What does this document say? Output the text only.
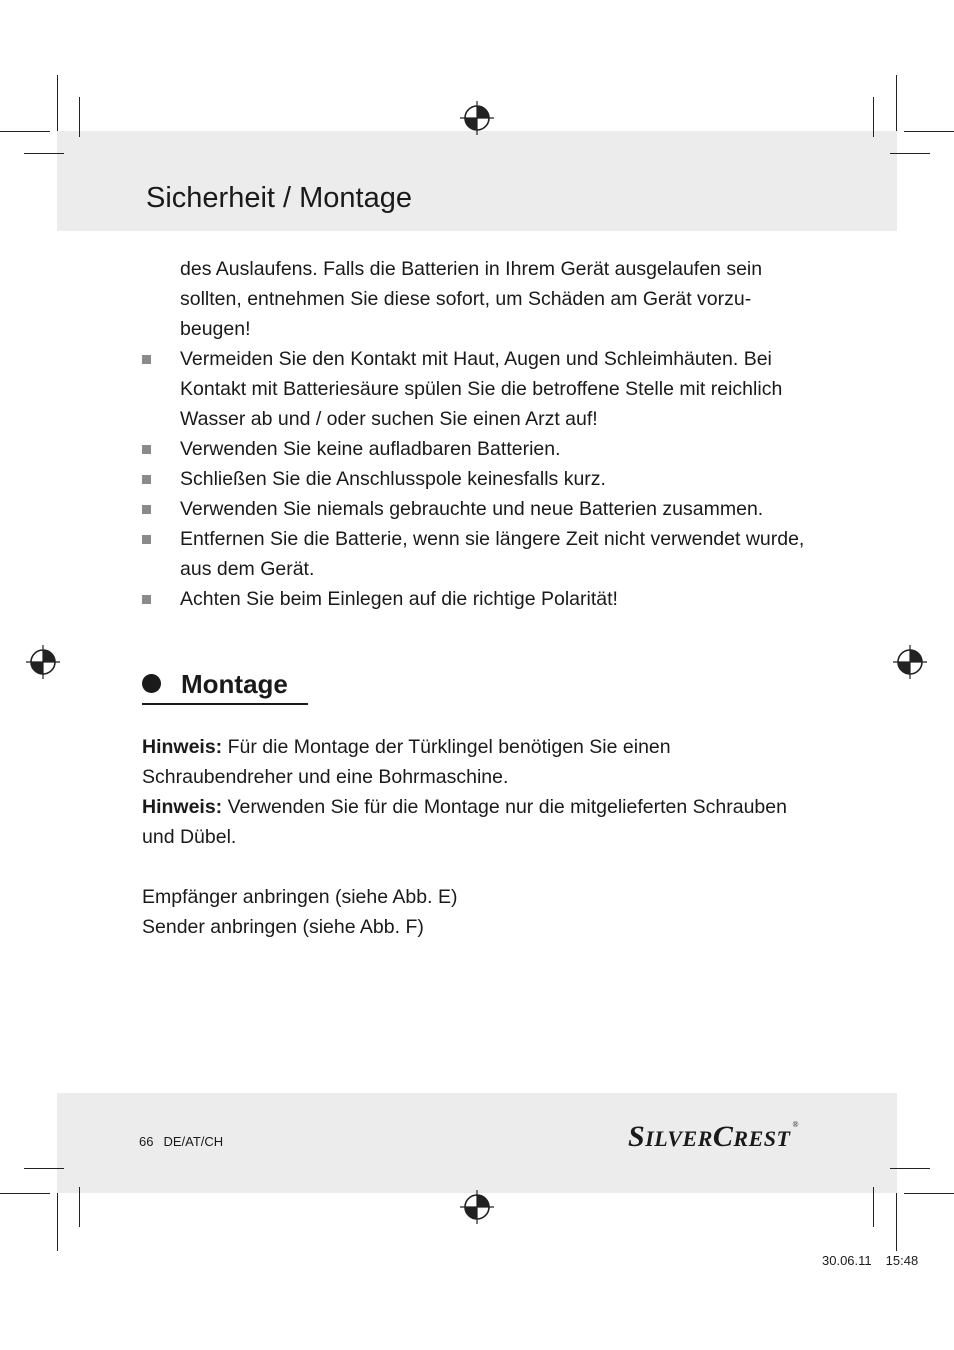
Sicherheit / Montage

des Auslaufens. Falls die Batterien in Ihrem Gerät ausgelaufen sein sollten, entnehmen Sie diese sofort, um Schäden am Gerät vorzu-beugen!

Vermeiden Sie den Kontakt mit Haut, Augen und Schleimhäuten. Bei Kontakt mit Batteriesäure spülen Sie die betroffene Stelle mit reichlich Wasser ab und / oder suchen Sie einen Arzt auf!
Verwenden Sie keine aufladbaren Batterien.
Schließen Sie die Anschlusspole keinesfalls kurz.
Verwenden Sie niemals gebrauchte und neue Batterien zusammen.
Entfernen Sie die Batterie, wenn sie längere Zeit nicht verwendet wurde, aus dem Gerät.
Achten Sie beim Einlegen auf die richtige Polarität!
Montage

Hinweis: Für die Montage der Türklingel benötigen Sie einen Schraubendreher und eine Bohrmaschine.

Hinweis: Verwenden Sie für die Montage nur die mitgelieferten Schrauben und Dübel.

Empfänger anbringen (siehe Abb. E)

Sender anbringen (siehe Abb. F)

66 DE/AT/CH	SILVERCREST®
30.06.11 15:48
